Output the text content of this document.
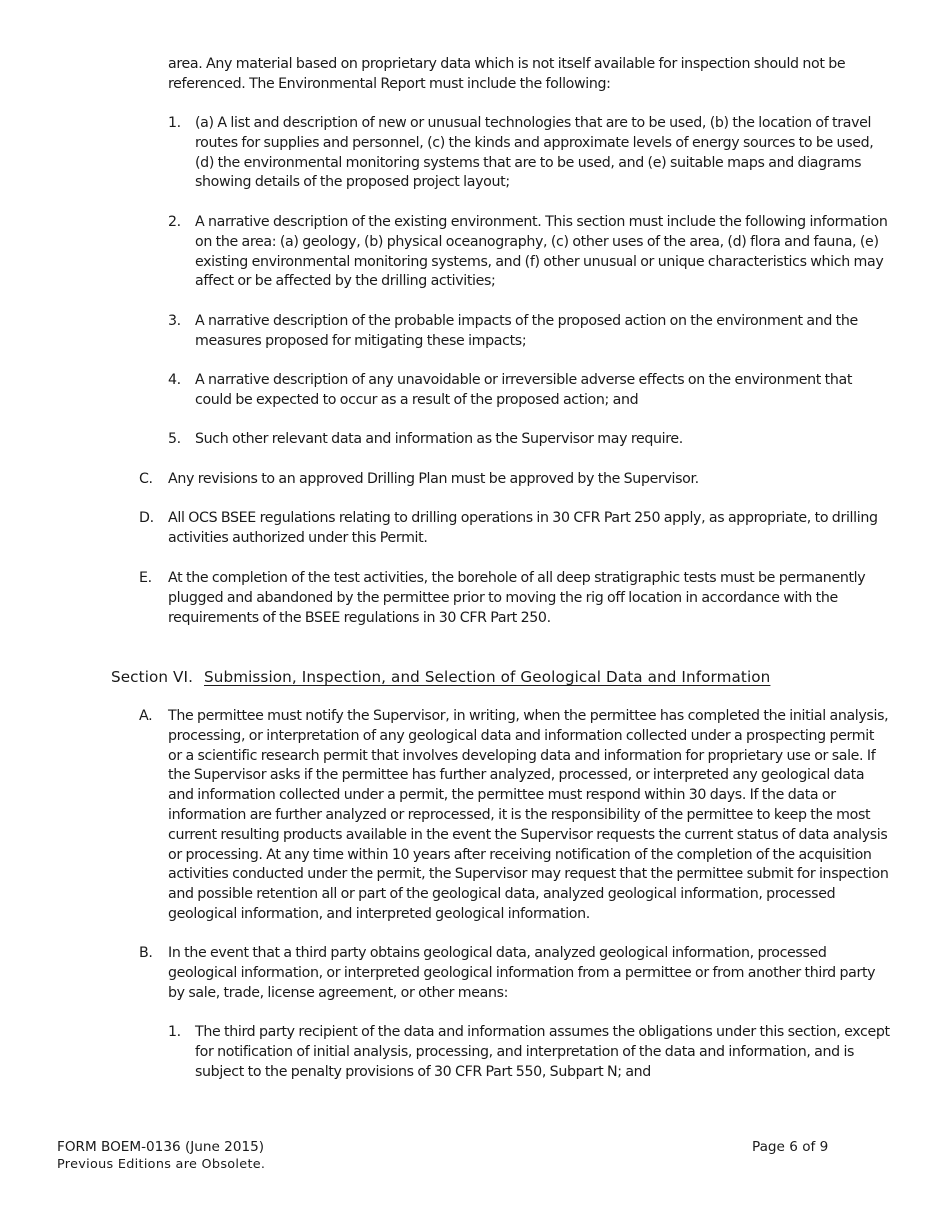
area. Any material based on proprietary data which is not itself available for inspection should not be referenced. The Environmental Report must include the following:
1. (a) A list and description of new or unusual technologies that are to be used, (b) the location of travel routes for supplies and personnel, (c) the kinds and approximate levels of energy sources to be used, (d) the environmental monitoring systems that are to be used, and (e) suitable maps and diagrams showing details of the proposed project layout;
2. A narrative description of the existing environment. This section must include the following information on the area: (a) geology, (b) physical oceanography, (c) other uses of the area, (d) flora and fauna, (e) existing environmental monitoring systems, and (f) other unusual or unique characteristics which may affect or be affected by the drilling activities;
3. A narrative description of the probable impacts of the proposed action on the environment and the measures proposed for mitigating these impacts;
4. A narrative description of any unavoidable or irreversible adverse effects on the environment that could be expected to occur as a result of the proposed action; and
5. Such other relevant data and information as the Supervisor may require.
C. Any revisions to an approved Drilling Plan must be approved by the Supervisor.
D. All OCS BSEE regulations relating to drilling operations in 30 CFR Part 250 apply, as appropriate, to drilling activities authorized under this Permit.
E. At the completion of the test activities, the borehole of all deep stratigraphic tests must be permanently plugged and abandoned by the permittee prior to moving the rig off location in accordance with the requirements of the BSEE regulations in 30 CFR Part 250.
Section VI. Submission, Inspection, and Selection of Geological Data and Information
A. The permittee must notify the Supervisor, in writing, when the permittee has completed the initial analysis, processing, or interpretation of any geological data and information collected under a prospecting permit or a scientific research permit that involves developing data and information for proprietary use or sale. If the Supervisor asks if the permittee has further analyzed, processed, or interpreted any geological data and information collected under a permit, the permittee must respond within 30 days. If the data or information are further analyzed or reprocessed, it is the responsibility of the permittee to keep the most current resulting products available in the event the Supervisor requests the current status of data analysis or processing. At any time within 10 years after receiving notification of the completion of the acquisition activities conducted under the permit, the Supervisor may request that the permittee submit for inspection and possible retention all or part of the geological data, analyzed geological information, processed geological information, and interpreted geological information.
B. In the event that a third party obtains geological data, analyzed geological information, processed geological information, or interpreted geological information from a permittee or from another third party by sale, trade, license agreement, or other means:
1. The third party recipient of the data and information assumes the obligations under this section, except for notification of initial analysis, processing, and interpretation of the data and information, and is subject to the penalty provisions of 30 CFR Part 550, Subpart N; and
FORM BOEM-0136 (June 2015)
Previous Editions are Obsolete.
Page 6 of 9
